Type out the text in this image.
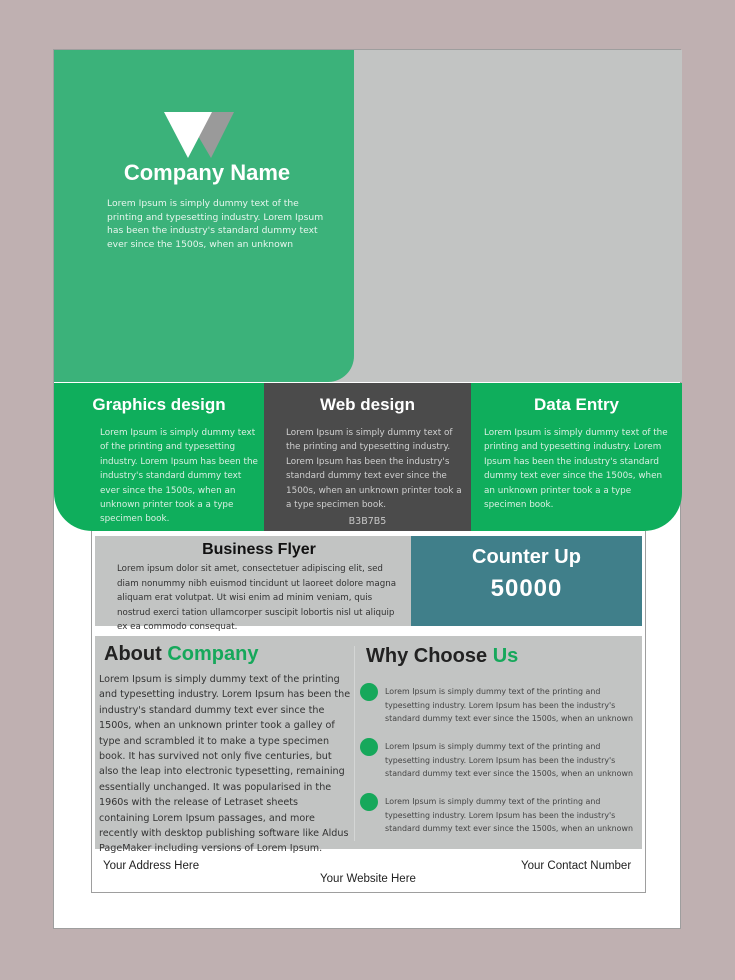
Company Name
Lorem Ipsum is simply dummy text of the printing and typesetting industry. Lorem Ipsum has been the industry's standard dummy text ever since the 1500s, when an unknown
Graphics design
Lorem Ipsum is simply dummy text of the printing and typesetting industry. Lorem Ipsum has been the industry's standard dummy text ever since the 1500s, when an unknown printer took a a type specimen book.
Web design
Lorem Ipsum is simply dummy text of the printing and typesetting industry. Lorem Ipsum has been the industry's standard dummy text ever since the 1500s, when an unknown printer took a a type specimen book.
B3B7B5
Data Entry
Lorem Ipsum is simply dummy text of the printing and typesetting industry. Lorem Ipsum has been the industry's standard dummy text ever since the 1500s, when an unknown printer took a a type specimen book.
Business Flyer
Lorem ipsum dolor sit amet, consectetuer adipiscing elit, sed diam nonummy nibh euismod tincidunt ut laoreet dolore magna aliquam erat volutpat. Ut wisi enim ad minim veniam, quis nostrud exerci tation ullamcorper suscipit lobortis nisl ut aliquip ex ea commodo consequat.
Counter Up
50000
About Company
Lorem Ipsum is simply dummy text of the printing and typesetting industry. Lorem Ipsum has been the industry's standard dummy text ever since the 1500s, when an unknown printer took a galley of type and scrambled it to make a type specimen book. It has survived not only five centuries, but also the leap into electronic typesetting, remaining essentially unchanged. It was popularised in the 1960s with the release of Letraset sheets containing Lorem Ipsum passages, and more recently with desktop publishing software like Aldus PageMaker including versions of Lorem Ipsum.
Why Choose Us
Lorem Ipsum is simply dummy text of the printing and typesetting industry. Lorem Ipsum has been the industry's standard dummy text ever since the 1500s, when an unknown
Lorem Ipsum is simply dummy text of the printing and typesetting industry. Lorem Ipsum has been the industry's standard dummy text ever since the 1500s, when an unknown
Lorem Ipsum is simply dummy text of the printing and typesetting industry. Lorem Ipsum has been the industry's standard dummy text ever since the 1500s, when an unknown
Your Address Here	Your Contact Number
Your Website Here
